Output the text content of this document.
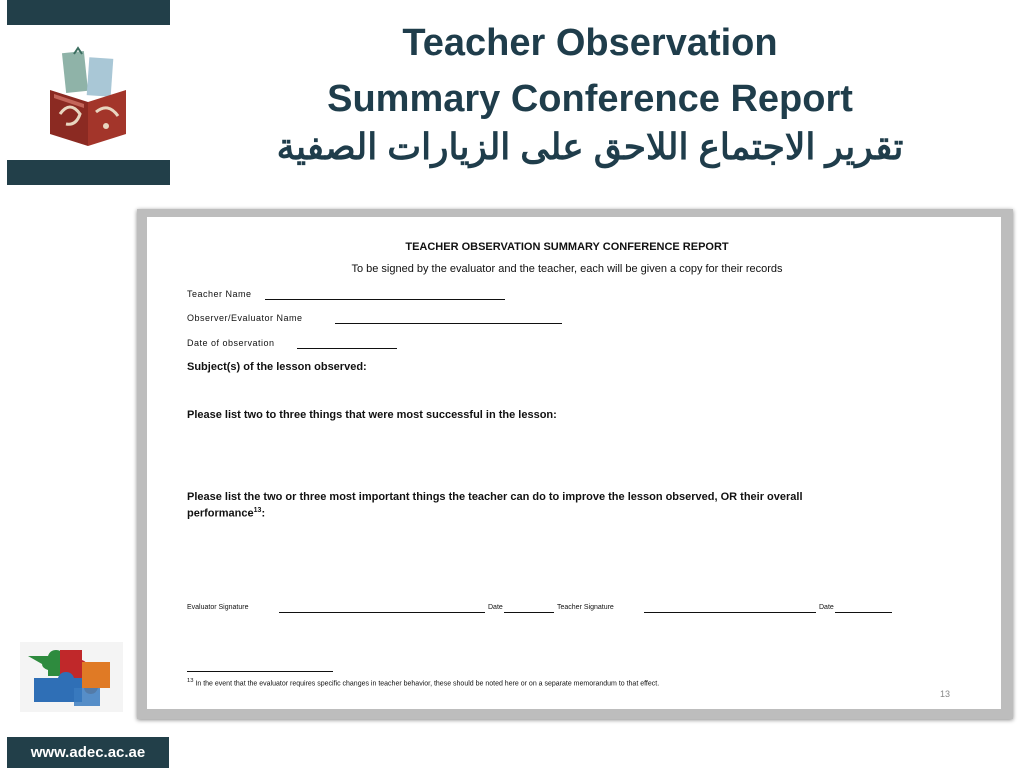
Teacher Observation
Summary Conference Report
تقرير الاجتماع اللاحق على الزيارات الصفية
TEACHER OBSERVATION SUMMARY CONFERENCE REPORT
To be signed by the evaluator and the teacher, each will be given a copy for their records
Teacher Name
Observer/Evaluator Name
Date of observation
Subject(s) of the lesson observed:
Please list two to three things that were most successful in the lesson:
Please list the two or three most important things the teacher can do to improve the lesson observed, OR their overall
performance$^{13}$:
Evaluator Signature	Date	Teacher Signature	Date
$^{13}$ In the event that the evaluator requires specific changes in teacher behavior, these should be noted here or on a separate memorandum to that effect.
13
www.adec.ac.ae
